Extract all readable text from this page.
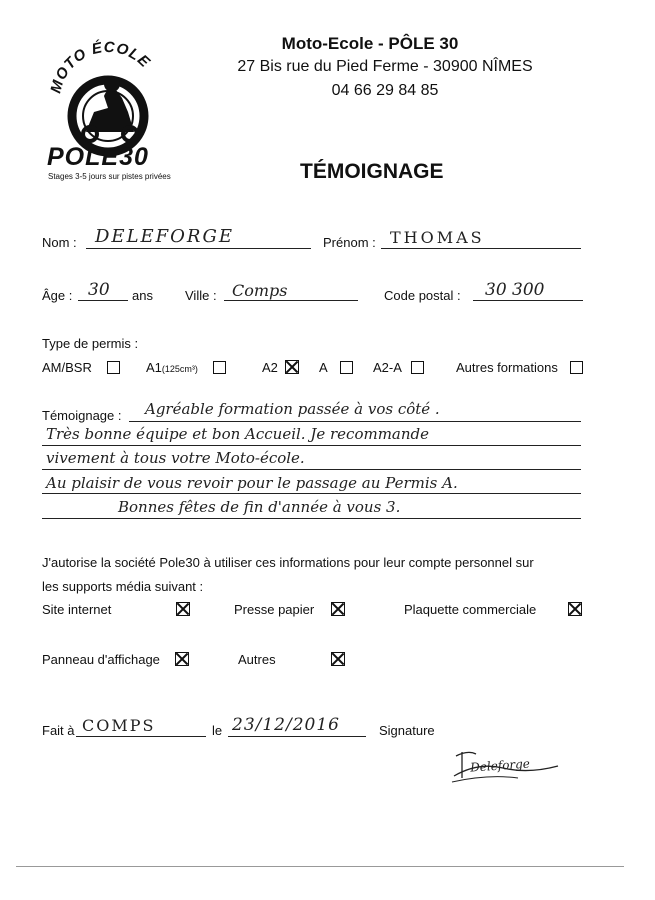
MOTO ÉCOLE
POLE30
Stages 3-5 jours sur pistes privées
Moto-Ecole - PÔLE 30
27 Bis rue du Pied Ferme - 30900 NÎMES
04 66 29 84 85
TÉMOIGNAGE
Nom : DELEFORGE	Prénom : THOMAS
Âge : 30 ans Ville : Comps	Code postal : 30 300
Type de permis :
AM/BSR	A1(125cm³)	A2	A	A2-A	Autres formations
Témoignage : Agréable formation passée à vos côté .
Très bonne équipe et bon Accueil. Je recommande
vivement à tous votre Moto-école.
Au plaisir de vous revoir pour le passage au Permis A.
Bonnes fêtes de fin d'année à vous 3.
J'autorise la société Pole30 à utiliser ces informations pour leur compte personnel sur
les supports média suivant :
Site internet	Presse papier	Plaquette commerciale
Panneau d'affichage	Autres
Fait à COMPS	le 23/12/2016	Signature
Deleforge
